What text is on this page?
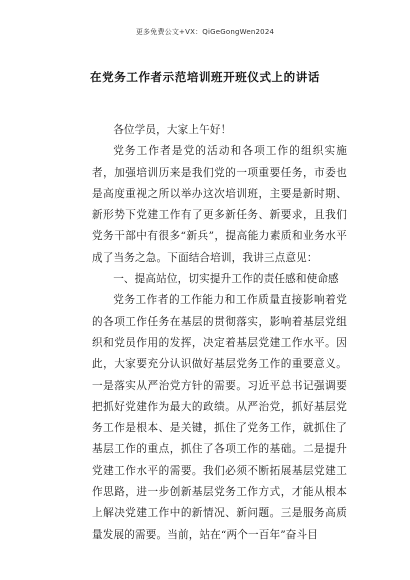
更多免费公文+VX：QiGeGongWen2024
在党务工作者示范培训班开班仪式上的讲话

各位学员，大家上午好！

党务工作者是党的活动和各项工作的组织实施者，加强培训历来是我们党的一项重要任务，市委也是高度重视之所以举办这次培训班，主要是新时期、新形势下党建工作有了更多新任务、新要求，且我们党务干部中有很多“新兵”，提高能力素质和业务水平成了当务之急。下面结合培训，我讲三点意见：

一、提高站位，切实提升工作的责任感和使命感

党务工作者的工作能力和工作质量直接影响着党的各项工作任务在基层的贯彻落实，影响着基层党组织和党员作用的发挥，决定着基层党建工作水平。因此，大家要充分认识做好基层党务工作的重要意义。一是落实从严治党方针的需要。习近平总书记强调要把抓好党建作为最大的政绩。从严治党，抓好基层党务工作是根本、是关键，抓住了党务工作，就抓住了基层工作的重点，抓住了各项工作的基础。二是提升党建工作水平的需要。我们必须不断拓展基层党建工作思路，进一步创新基层党务工作方式，才能从根本上解决党建工作中的新情况、新问题。三是服务高质量发展的需要。当前，站在“两个一百年”奋斗目
